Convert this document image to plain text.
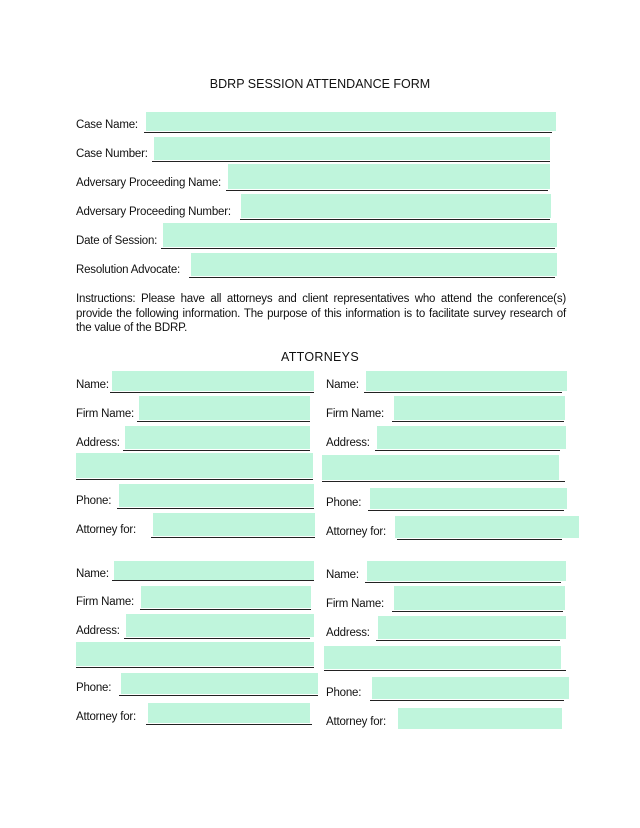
BDRP SESSION ATTENDANCE FORM
Case Name:
Case Number:
Adversary Proceeding Name:
Adversary Proceeding Number:
Date of Session:
Resolution Advocate:
Instructions: Please have all attorneys and client representatives who attend the conference(s) provide the following information. The purpose of this information is to facilitate survey research of the value of the BDRP.
ATTORNEYS
Name:
Firm Name:
Address:
Phone:
Attorney for:
Name:
Firm Name:
Address:
Phone:
Attorney for:
Name:
Firm Name:
Address:
Phone:
Attorney for:
Name:
Firm Name:
Address:
Phone:
Attorney for:
